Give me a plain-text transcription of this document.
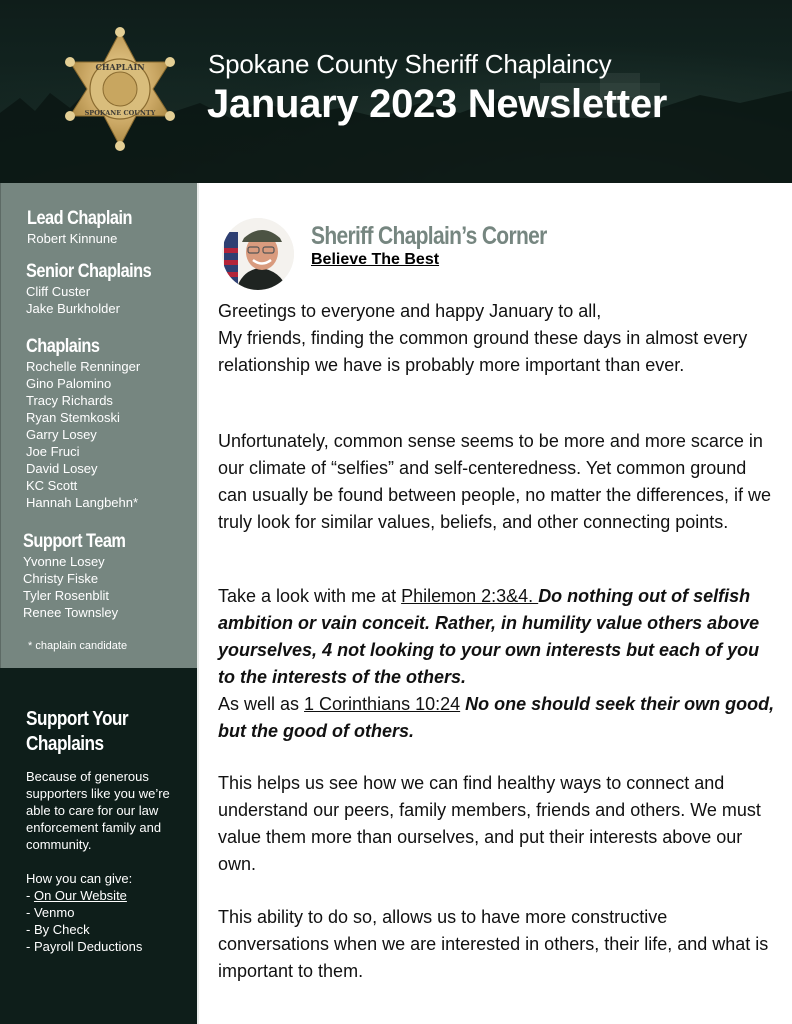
CHAPLAIN
SPOKANE COUNTY
Spokane County Sheriff Chaplaincy
January 2023 Newsletter
Lead Chaplain
Robert Kinnune
Senior Chaplains
Cliff Custer
Jake Burkholder
Chaplains
Rochelle Renninger
Gino Palomino
Tracy Richards
Ryan Stemkoski
Garry Losey
Joe Fruci
David Losey
KC Scott
Hannah Langbehn*
Support Team
Yvonne Losey
Christy Fiske
Tyler Rosenblit
Renee Townsley
* chaplain candidate
Support Your
Chaplains

Because of generous supporters like you we’re able to care for our law enforcement family and community.

How you can give:

- On Our Website

- Venmo

- By Check

- Payroll Deductions

Sheriff Chaplain’s Corner
Believe The Best
Greetings to everyone and happy January to all,
My friends, finding the common ground these days in almost every relationship we have is probably more important than ever.
Unfortunately, common sense seems to be more and more scarce in our climate of “selfies” and self-centeredness. Yet common ground can usually be found between people, no matter the differences, if we truly look for similar values, beliefs, and other connecting points.
Take a look with me at Philemon 2:3&4. Do nothing out of selfish ambition or vain conceit. Rather, in humility value others above yourselves, 4 not looking to your own interests but each of you to the interests of the others.
As well as 1 Corinthians 10:24 No one should seek their own good, but the good of others.
This helps us see how we can find healthy ways to connect and understand our peers, family members, friends and others. We must value them more than ourselves, and put their interests above our own.
This ability to do so, allows us to have more constructive conversations when we are interested in others, their life, and what is important to them.
